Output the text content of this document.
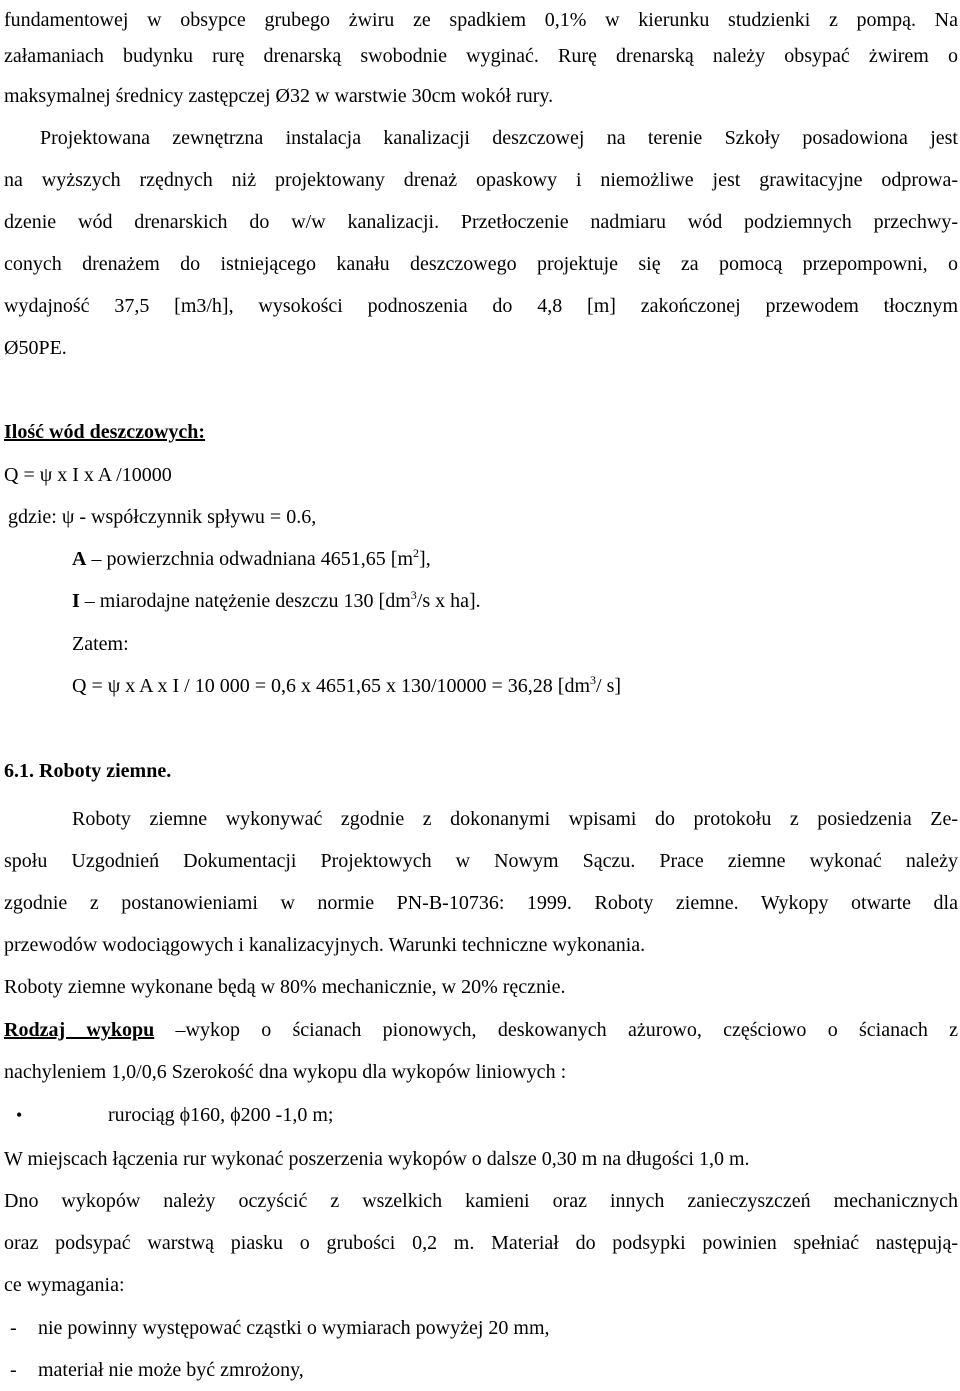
fundamentowej w obsypce grubego żwiru ze spadkiem 0,1% w kierunku studzienki z pompą. Na
załamaniach budynku rurę drenarską swobodnie wyginać. Rurę drenarską należy obsypać żwirem o
maksymalnej średnicy zastępczej Ø32 w warstwie 30cm wokół rury.
Projektowana zewnętrzna instalacja kanalizacji deszczowej na terenie Szkoły posadowiona jest
na wyższych rzędnych niż projektowany drenaż opaskowy i niemożliwe jest grawitacyjne odprowa-
dzenie wód drenarskich do w/w kanalizacji. Przetłoczenie nadmiaru wód podziemnych przechwy-
conych drenażem do istniejącego kanału deszczowego projektuje się za pomocą przepompowni, o
wydajność 37,5 [m3/h], wysokości podnoszenia do 4,8 [m] zakończonej przewodem tłocznym
Ø50PE.
Ilość wód deszczowych:
Q = ψ x I x A /10000
gdzie: ψ - współczynnik spływu = 0.6,
A – powierzchnia odwadniana 4651,65 $[m^2]$,
I – miarodajne natężenie deszczu 130 [$dm^3/s$ x ha].
Zatem:
Q = ψ x A x I / 10 000 = 0,6 x 4651,65 x 130/10000 = 36,28 [$dm^3/$ s]
6.1. Roboty ziemne.
Roboty ziemne wykonywać zgodnie z dokonanymi wpisami do protokołu z posiedzenia Ze-
społu Uzgodnień Dokumentacji Projektowych w Nowym Sączu. Prace ziemne wykonać należy
zgodnie z postanowieniami w normie PN-B-10736: 1999. Roboty ziemne. Wykopy otwarte dla
przewodów wodociągowych i kanalizacyjnych. Warunki techniczne wykonania.
Roboty ziemne wykonane będą w 80% mechanicznie, w 20% ręcznie.
Rodzaj wykopu –wykop o ścianach pionowych, deskowanych ażurowo, częściowo o ścianach z
nachyleniem 1,0/0,6 Szerokość dna wykopu dla wykopów liniowych :
•	rurociąg ϕ160, ϕ200 -1,0 m;
W miejscach łączenia rur wykonać poszerzenia wykopów o dalsze 0,30 m na długości 1,0 m.
Dno wykopów należy oczyścić z wszelkich kamieni oraz innych zanieczyszczeń mechanicznych
oraz podsypać warstwą piasku o grubości 0,2 m. Materiał do podsypki powinien spełniać następują-
ce wymagania:
- nie powinny występować cząstki o wymiarach powyżej 20 mm,
- materiał nie może być zmrożony,
